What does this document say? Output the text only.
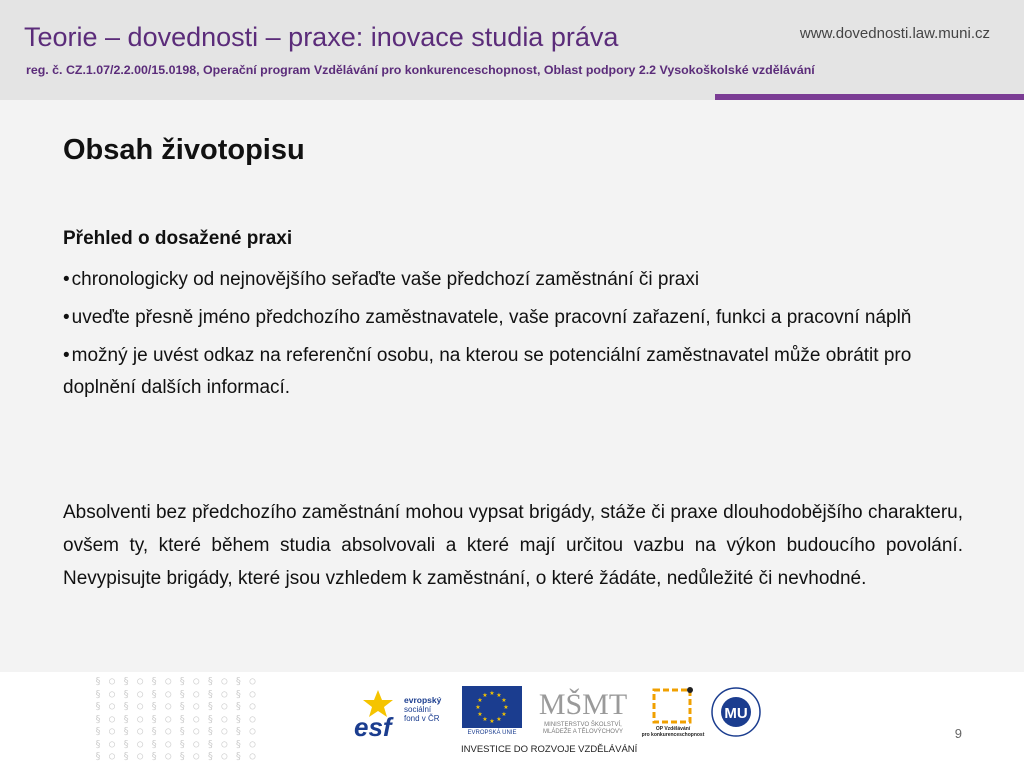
Teorie – dovednosti – praxe: inovace studia práva	www.dovednosti.law.muni.cz
reg. č. CZ.1.07/2.2.00/15.0198, Operační program Vzdělávání pro konkurenceschopnost, Oblast podpory 2.2 Vysokoškolské vzdělávání
Obsah životopisu
Přehled o dosažené praxi
• chronologicky od nejnovějšího seřaďte vaše předchozí zaměstnání či praxi
• uveďte přesně jméno předchozího zaměstnavatele, vaše pracovní zařazení, funkci a pracovní náplň
• možný je uvést odkaz na referenční osobu, na kterou se potenciální zaměstnavatel může obrátit pro doplnění dalších informací.

Absolventi bez předchozího zaměstnání mohou vypsat brigády, stáže či praxe dlouhodobějšího charakteru, ovšem ty, které během studia absolvovali a které mají určitou vazbu na výkon budoucího povolání. Nevypisujte brigády, které jsou vzhledem k zaměstnání, o které žádáte, nedůležité či nevhodné.

§ ○ § ○ § ○ § ○ § ○ § ○
§ ○ § ○ § ○ § ○ § ○ § ○
§ ○ § ○ § ○ § ○ § ○ § ○
§ ○ § ○ § ○ § ○ § ○ § ○
§ ○ § ○ § ○ § ○ § ○ § ○
§ ○ § ○ § ○ § ○ § ○ § ○
§ ○ § ○ § ○ § ○ § ○ § ○
esf
evropský
sociální
fond v ČR
★ ★
★
★
★
★
★
★
★
★
★
★
EVROPSKÁ UNIE
MŠMT
MINISTERSTVO ŠKOLSTVÍ,
MLÁDEŽE A TĚLOVÝCHOVY	OP Vzdělávání
pro konkurenceschopnost
MU
INVESTICE DO ROZVOJE VZDĚLÁVÁNÍ
9
